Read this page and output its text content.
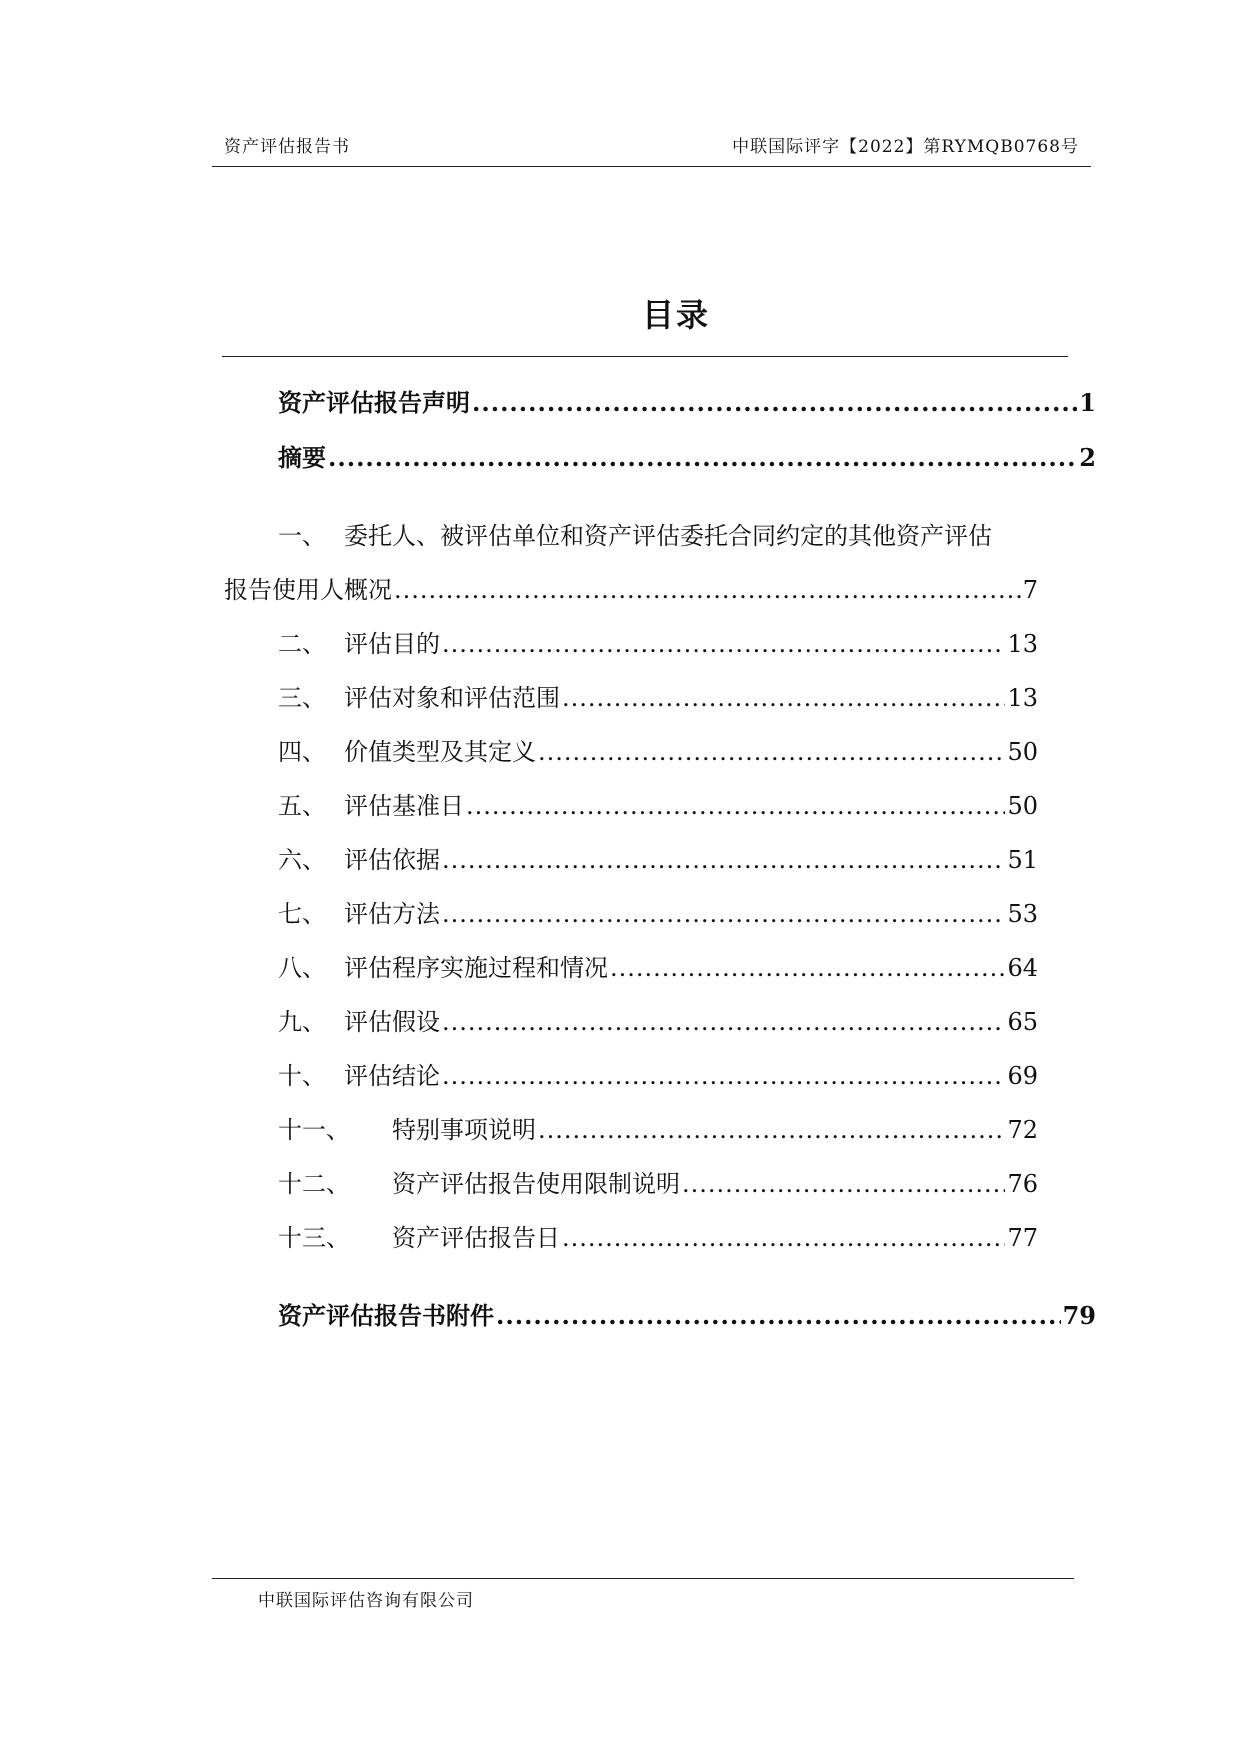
资产评估报告书	中联国际评字【2022】第RYMQB0768号
目录
资产评估报告声明 .....	1
摘要 .....	2
一、 委托人、被评估单位和资产评估委托合同约定的其他资产评估
报告使用人概况 .....	7
二、 评估目的 .....	13
三、 评估对象和评估范围 .....	13
四、 价值类型及其定义 .....	50
五、 评估基准日 .....	50
六、 评估依据 .....	51
七、 评估方法 .....	53
八、 评估程序实施过程和情况 .....	64
九、 评估假设 .....	65
十、 评估结论 .....	69
十一、 特别事项说明 .....	72
十二、 资产评估报告使用限制说明 .....	76
十三、 资产评估报告日 .....	77
资产评估报告书附件 .....	79
中联国际评估咨询有限公司
